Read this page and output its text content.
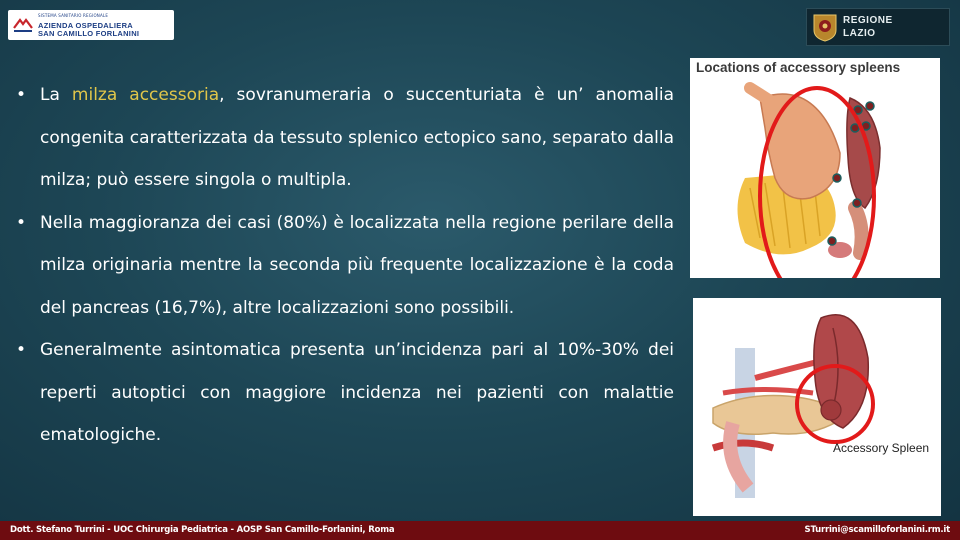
SISTEMA SANITARIO REGIONALE
AZIENDA OSPEDALIERA
SAN CAMILLO FORLANINI
REGIONE
LAZIO
• La milza accessoria, sovranumeraria o succenturiata è un’ anomalia congenita caratterizzata da tessuto splenico ectopico sano, separato dalla milza; può essere singola o multipla.
• Nella maggioranza dei casi (80%) è localizzata nella regione perilare della milza originaria mentre la seconda più frequente localizzazione è la coda del pancreas (16,7%), altre localizzazioni sono possibili.
• Generalmente asintomatica presenta un’incidenza pari al 10%-30% dei reperti autoptici con maggiore incidenza nei pazienti con malattie ematologiche.
Locations of accessory spleens
Accessory Spleen
Dott. Stefano Turrini - UOC Chirurgia Pediatrica - AOSP San Camillo-Forlanini, Roma	STurrini@scamilloforlanini.rm.it
